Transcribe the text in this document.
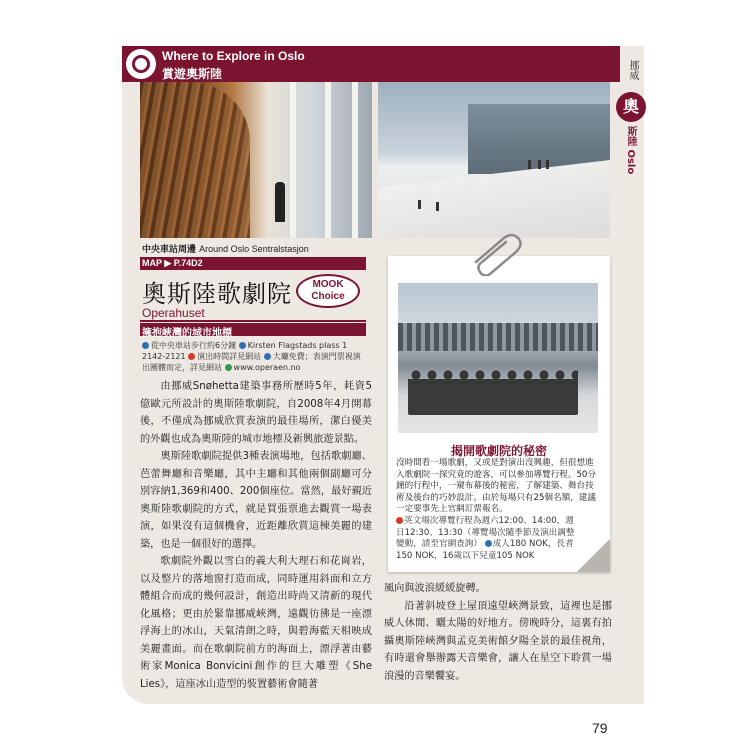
Where to Explore in Oslo
賞遊奧斯陸	挪威
奧
斯陸 Oslo
中央車站周邊 Around Oslo Sentralstasjon
MAP ▶ P.74D2
奧斯陸歌劇院	MOOK
Choice
Operahuset
擁抱峽灣的城市地標
從中央車站步行約6分鐘 Kirsten Flagstads plass 1 2142-2121 演出時間詳見網站 大廳免費；表演門票視演出團體而定，詳見網站 www.operaen.no

由挪威Snøhetta建築事務所歷時5年，耗資5億歐元所設計的奧斯陸歌劇院，自2008年4月開幕後，不僅成為挪威欣賞表演的最佳場所，潔白優美的外觀也成為奧斯陸的城市地標及新興旅遊景點。

奧斯陸歌劇院提供3種表演場地，包括歌劇廳、芭蕾舞廳和音樂廳，其中主廳和其他兩個副廳可分別容納1,369和400、200個座位。當然，最好親近奧斯陸歌劇院的方式，就是買張票進去觀賞一場表演，如果沒有這個機會，近距離欣賞這棟美麗的建築，也是一個很好的選擇。

歌劇院外觀以雪白的義大利大理石和花崗岩，以及整片的落地窗打造而成，同時運用斜面和立方體組合而成的幾何設計，創造出時尚又清新的現代化風格；更由於緊靠挪威峽灣，遠觀彷彿是一座漂浮海上的冰山，天氣清朗之時，與碧海藍天相映成美麗畫面。而在歌劇院前方的海面上，漂浮著由藝術家Monica Bonvicini創作的巨大雕塑《She Lies》，這座冰山造型的裝置藝術會隨著

揭開歌劇院的秘密

沒時間看一場歌劇，又或是對演出沒興趣，但很想進入歌劇院一探究竟的遊客，可以參加導覽行程。50分鐘的行程中，一窺布幕後的秘密，了解建築、舞台技術及後台的巧妙設計。由於每場只有25個名額，建議一定要事先上官網訂票報名。

英文場次導覽行程為週六12:00、14:00，週日12:30、13:30（導覽場次隨季節及演出調整變動，請至官網查詢） 成人180 NOK，長者150 NOK，16歲以下兒童105 NOK

風向與波浪緩緩旋轉。

沿著斜坡登上屋頂遠望峽灣景致，這裡也是挪威人休閒、曬太陽的好地方。傍晚時分，這裏有拍攝奧斯陸峽灣與孟克美術館夕陽全景的最佳視角，有時還會舉辦露天音樂會，讓人在星空下聆賞一場浪漫的音樂饗宴。

79
